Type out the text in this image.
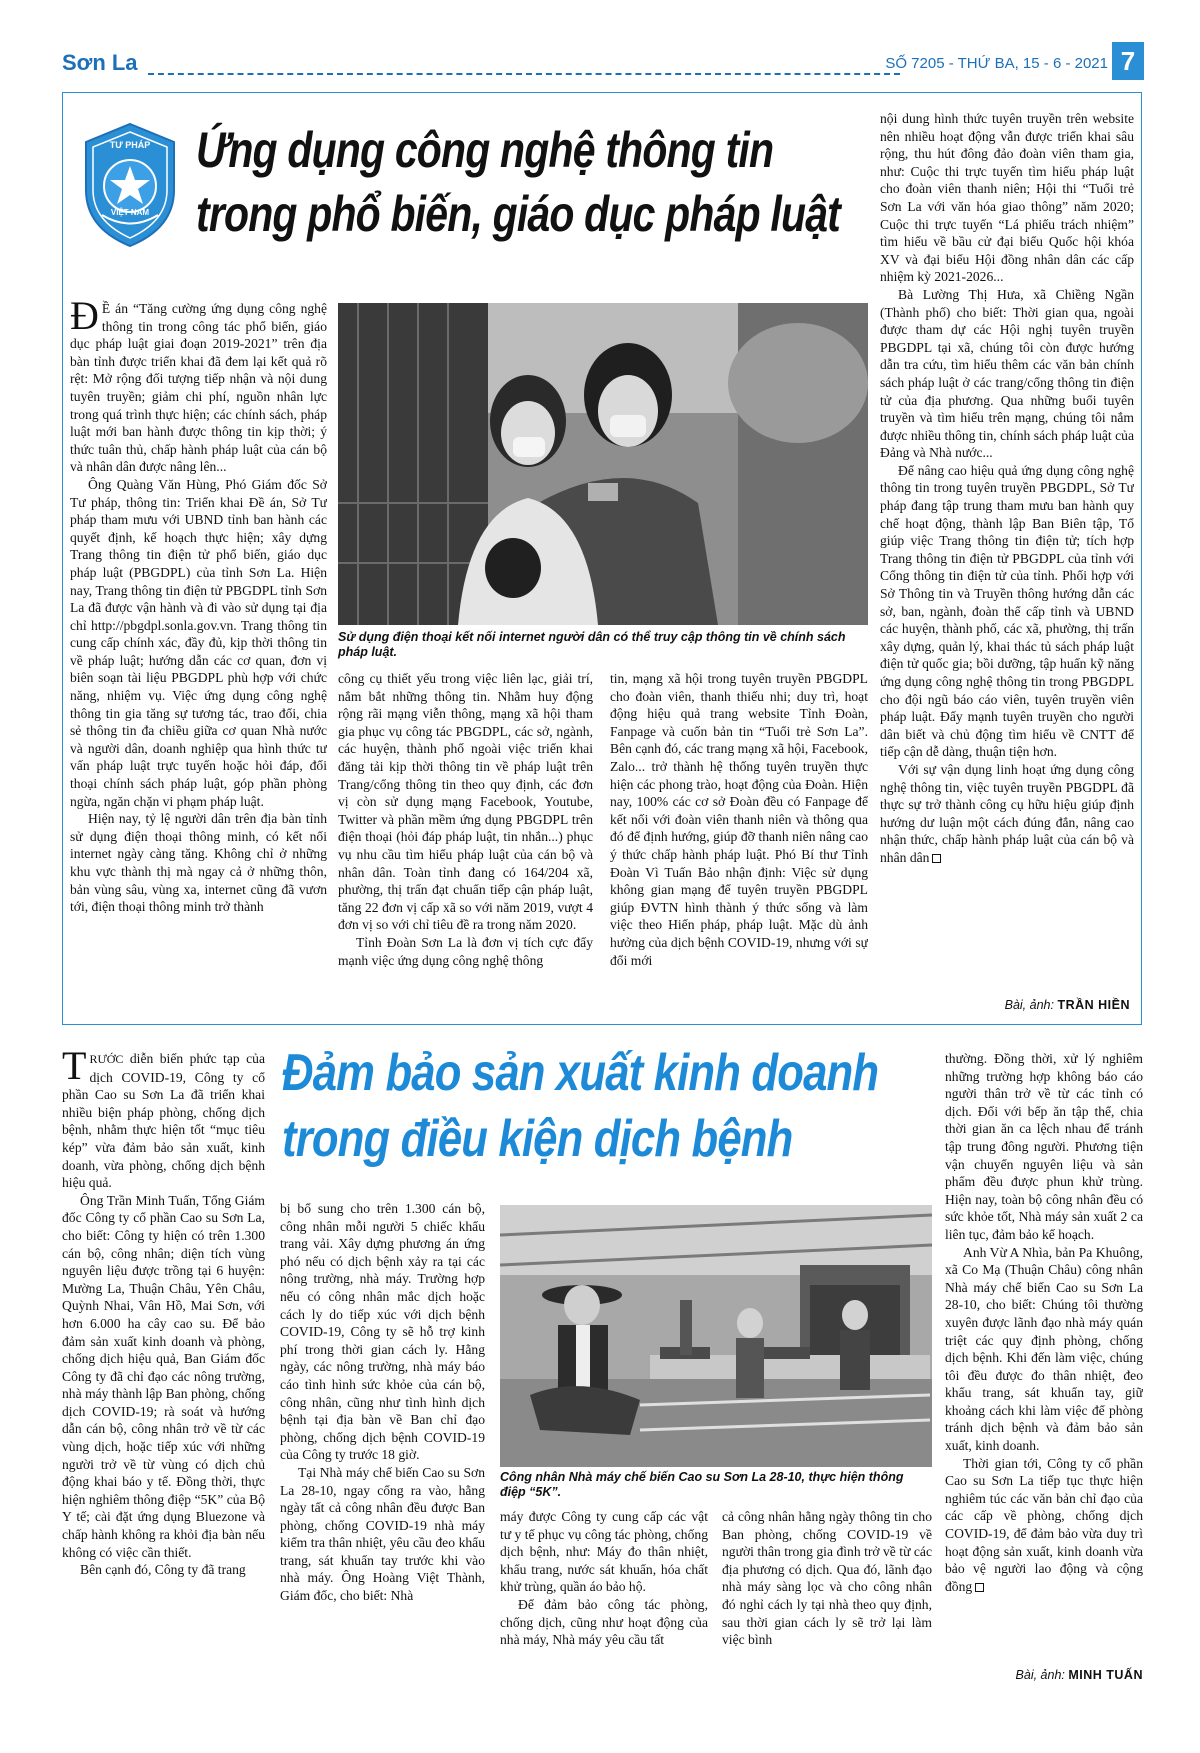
Sơn La	SỐ 7205 - THỨ BA, 15 - 6 - 2021 7
TƯ PHÁP
VIỆT NAM
Ứng dụng công nghệ thông tin
trong phổ biến, giáo dục pháp luật
Sử dụng điện thoại kết nối internet người dân có thể truy cập thông tin về chính sách pháp luật.

Đ Ề án “Tăng cường ứng dụng công nghệ thông tin trong công tác phổ biến, giáo dục pháp luật giai đoạn 2019-2021” trên địa bàn tỉnh được triển khai đã đem lại kết quả rõ rệt: Mở rộng đối tượng tiếp nhận và nội dung tuyên truyền; giảm chi phí, nguồn nhân lực trong quá trình thực hiện; các chính sách, pháp luật mới ban hành được thông tin kịp thời; ý thức tuân thủ, chấp hành pháp luật của cán bộ và nhân dân được nâng lên...

Ông Quàng Văn Hùng, Phó Giám đốc Sở Tư pháp, thông tin: Triển khai Đề án, Sở Tư pháp tham mưu với UBND tỉnh ban hành các quyết định, kế hoạch thực hiện; xây dựng Trang thông tin điện tử phổ biến, giáo dục pháp luật (PBGDPL) của tỉnh Sơn La. Hiện nay, Trang thông tin điện tử PBGDPL tỉnh Sơn La đã được vận hành và đi vào sử dụng tại địa chỉ http://pbgdpl.sonla.gov.vn. Trang thông tin cung cấp chính xác, đầy đủ, kịp thời thông tin về pháp luật; hướng dẫn các cơ quan, đơn vị biên soạn tài liệu PBGDPL phù hợp với chức năng, nhiệm vụ. Việc ứng dụng công nghệ thông tin gia tăng sự tương tác, trao đổi, chia sẻ thông tin đa chiều giữa cơ quan Nhà nước và người dân, doanh nghiệp qua hình thức tư vấn pháp luật trực tuyến hoặc hỏi đáp, đối thoại chính sách pháp luật, góp phần phòng ngừa, ngăn chặn vi phạm pháp luật.

Hiện nay, tỷ lệ người dân trên địa bàn tỉnh sử dụng điện thoại thông minh, có kết nối internet ngày càng tăng. Không chỉ ở những khu vực thành thị mà ngay cả ở những thôn, bản vùng sâu, vùng xa, internet cũng đã vươn tới, điện thoại thông minh trở thành

công cụ thiết yếu trong việc liên lạc, giải trí, nắm bắt những thông tin. Nhằm huy động rộng rãi mạng viễn thông, mạng xã hội tham gia phục vụ công tác PBGDPL, các sở, ngành, các huyện, thành phố ngoài việc triển khai đăng tải kịp thời thông tin về pháp luật trên Trang/cổng thông tin theo quy định, các đơn vị còn sử dụng mạng Facebook, Youtube, Twitter và phần mềm ứng dụng PBGDPL trên điện thoại (hỏi đáp pháp luật, tin nhắn...) phục vụ nhu cầu tìm hiểu pháp luật của cán bộ và nhân dân. Toàn tỉnh đang có 164/204 xã, phường, thị trấn đạt chuẩn tiếp cận pháp luật, tăng 22 đơn vị cấp xã so với năm 2019, vượt 4 đơn vị so với chỉ tiêu đề ra trong năm 2020.

Tỉnh Đoàn Sơn La là đơn vị tích cực đẩy mạnh việc ứng dụng công nghệ thông

tin, mạng xã hội trong tuyên truyền PBGDPL cho đoàn viên, thanh thiếu nhi; duy trì, hoạt động hiệu quả trang website Tỉnh Đoàn, Fanpage và cuốn bản tin “Tuổi trẻ Sơn La”. Bên cạnh đó, các trang mạng xã hội, Facebook, Zalo... trở thành hệ thống tuyên truyền thực hiện các phong trào, hoạt động của Đoàn. Hiện nay, 100% các cơ sở Đoàn đều có Fanpage để kết nối với đoàn viên thanh niên và thông qua đó để định hướng, giúp đỡ thanh niên nâng cao ý thức chấp hành pháp luật. Phó Bí thư Tỉnh Đoàn Vì Tuấn Bảo nhận định: Việc sử dụng không gian mạng để tuyên truyền PBGDPL giúp ĐVTN hình thành ý thức sống và làm việc theo Hiến pháp, pháp luật. Mặc dù ảnh hưởng của dịch bệnh COVID-19, nhưng với sự đổi mới

nội dung hình thức tuyên truyền trên website nên nhiều hoạt động vẫn được triển khai sâu rộng, thu hút đông đảo đoàn viên tham gia, như: Cuộc thi trực tuyến tìm hiểu pháp luật cho đoàn viên thanh niên; Hội thi “Tuổi trẻ Sơn La với văn hóa giao thông” năm 2020; Cuộc thi trực tuyến “Lá phiếu trách nhiệm” tìm hiểu về bầu cử đại biểu Quốc hội khóa XV và đại biểu Hội đồng nhân dân các cấp nhiệm kỳ 2021-2026...

Bà Lường Thị Hưa, xã Chiềng Ngần (Thành phố) cho biết: Thời gian qua, ngoài được tham dự các Hội nghị tuyên truyền PBGDPL tại xã, chúng tôi còn được hướng dẫn tra cứu, tìm hiểu thêm các văn bản chính sách pháp luật ở các trang/cổng thông tin điện tử của địa phương. Qua những buổi tuyên truyền và tìm hiểu trên mạng, chúng tôi nắm được nhiều thông tin, chính sách pháp luật của Đảng và Nhà nước...

Để nâng cao hiệu quả ứng dụng công nghệ thông tin trong tuyên truyền PBGDPL, Sở Tư pháp đang tập trung tham mưu ban hành quy chế hoạt động, thành lập Ban Biên tập, Tổ giúp việc Trang thông tin điện tử; tích hợp Trang thông tin điện tử PBGDPL của tỉnh với Cổng thông tin điện tử của tỉnh. Phối hợp với Sở Thông tin và Truyền thông hướng dẫn các sở, ban, ngành, đoàn thể cấp tỉnh và UBND các huyện, thành phố, các xã, phường, thị trấn xây dựng, quản lý, khai thác tủ sách pháp luật điện tử quốc gia; bồi dưỡng, tập huấn kỹ năng ứng dụng công nghệ thông tin trong PBGDPL cho đội ngũ báo cáo viên, tuyên truyền viên pháp luật. Đẩy mạnh tuyên truyền cho người dân biết và chủ động tìm hiểu về CNTT để tiếp cận dễ dàng, thuận tiện hơn.

Với sự vận dụng linh hoạt ứng dụng công nghệ thông tin, việc tuyên truyền PBGDPL đã thực sự trở thành công cụ hữu hiệu giúp định hướng dư luận một cách đúng đắn, nâng cao nhận thức, chấp hành pháp luật của cán bộ và nhân dân

Bài, ảnh: TRẦN HIỀN

TRƯỚC diễn biến phức tạp của dịch COVID-19, Công ty cổ phần Cao su Sơn La đã triển khai nhiều biện pháp phòng, chống dịch bệnh, nhằm thực hiện tốt “mục tiêu kép” vừa đảm bảo sản xuất, kinh doanh, vừa phòng, chống dịch bệnh hiệu quả.

Ông Trần Minh Tuấn, Tổng Giám đốc Công ty cổ phần Cao su Sơn La, cho biết: Công ty hiện có trên 1.300 cán bộ, công nhân; diện tích vùng nguyên liệu được trồng tại 6 huyện: Mường La, Thuận Châu, Yên Châu, Quỳnh Nhai, Vân Hồ, Mai Sơn, với hơn 6.000 ha cây cao su. Để bảo đảm sản xuất kinh doanh và phòng, chống dịch hiệu quả, Ban Giám đốc Công ty đã chỉ đạo các nông trường, nhà máy thành lập Ban phòng, chống dịch COVID-19; rà soát và hướng dẫn cán bộ, công nhân trở về từ các vùng dịch, hoặc tiếp xúc với những người trở về từ vùng có dịch chủ động khai báo y tế. Đồng thời, thực hiện nghiêm thông điệp “5K” của Bộ Y tế; cài đặt ứng dụng Bluezone và chấp hành không ra khỏi địa bàn nếu không có việc cần thiết.

Bên cạnh đó, Công ty đã trang

Đảm bảo sản xuất kinh doanh
trong điều kiện dịch bệnh

bị bổ sung cho trên 1.300 cán bộ, công nhân mỗi người 5 chiếc khẩu trang vải. Xây dựng phương án ứng phó nếu có dịch bệnh xảy ra tại các nông trường, nhà máy. Trường hợp nếu có công nhân mắc dịch hoặc cách ly do tiếp xúc với dịch bệnh COVID-19, Công ty sẽ hỗ trợ kinh phí trong thời gian cách ly. Hằng ngày, các nông trường, nhà máy báo cáo tình hình sức khỏe của cán bộ, công nhân, cũng như tình hình dịch bệnh tại địa bàn về Ban chỉ đạo phòng, chống dịch bệnh COVID-19 của Công ty trước 18 giờ.

Tại Nhà máy chế biến Cao su Sơn La 28-10, ngay cổng ra vào, hằng ngày tất cả công nhân đều được Ban phòng, chống COVID-19 nhà máy kiểm tra thân nhiệt, yêu cầu đeo khẩu trang, sát khuẩn tay trước khi vào nhà máy. Ông Hoàng Việt Thành, Giám đốc, cho biết: Nhà

Công nhân Nhà máy chế biến Cao su Sơn La 28-10, thực hiện thông điệp “5K”.

máy được Công ty cung cấp các vật tư y tế phục vụ công tác phòng, chống dịch bệnh, như: Máy đo thân nhiệt, khẩu trang, nước sát khuẩn, hóa chất khử trùng, quần áo bảo hộ.

Để đảm bảo công tác phòng, chống dịch, cũng như hoạt động của nhà máy, Nhà máy yêu cầu tất

cả công nhân hằng ngày thông tin cho Ban phòng, chống COVID-19 về người thân trong gia đình trở về từ các địa phương có dịch. Qua đó, lãnh đạo nhà máy sàng lọc và cho công nhân đó nghỉ cách ly tại nhà theo quy định, sau thời gian cách ly sẽ trở lại làm việc bình

thường. Đồng thời, xử lý nghiêm những trường hợp không báo cáo người thân trở về từ các tỉnh có dịch. Đối với bếp ăn tập thể, chia thời gian ăn ca lệch nhau để tránh tập trung đông người. Phương tiện vận chuyển nguyên liệu và sản phẩm đều được phun khử trùng. Hiện nay, toàn bộ công nhân đều có sức khỏe tốt, Nhà máy sản xuất 2 ca liên tục, đảm bảo kế hoạch.

Anh Vừ A Nhìa, bản Pa Khuông, xã Co Mạ (Thuận Châu) công nhân Nhà máy chế biến Cao su Sơn La 28-10, cho biết: Chúng tôi thường xuyên được lãnh đạo nhà máy quán triệt các quy định phòng, chống dịch bệnh. Khi đến làm việc, chúng tôi đều được đo thân nhiệt, đeo khẩu trang, sát khuẩn tay, giữ khoảng cách khi làm việc để phòng tránh dịch bệnh và đảm bảo sản xuất, kinh doanh.

Thời gian tới, Công ty cổ phần Cao su Sơn La tiếp tục thực hiện nghiêm túc các văn bản chỉ đạo của các cấp về phòng, chống dịch COVID-19, để đảm bảo vừa duy trì hoạt động sản xuất, kinh doanh vừa bảo vệ người lao động và cộng đồng

Bài, ảnh: MINH TUẤN
